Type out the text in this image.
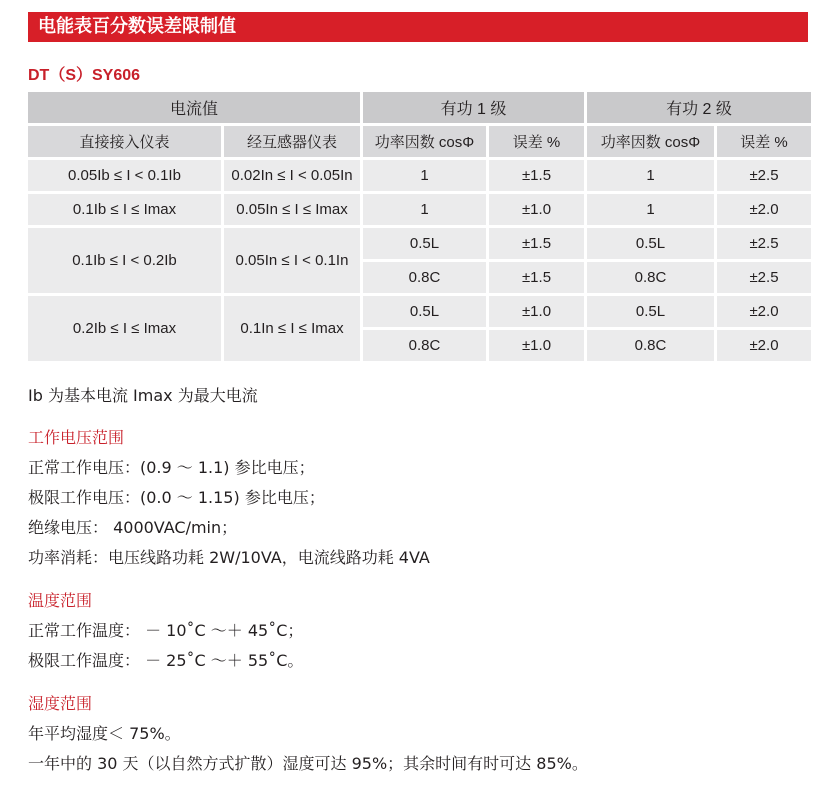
电能表百分数误差限制值
DT（S）SY606
电流值		有功 1 级		有功 2 级	
直接接入仪表	经互感器仪表	功率因数 cosΦ	误差 %	功率因数 cosΦ	误差 %
0.05Ib ≤ I < 0.1Ib	0.02In ≤ I < 0.05In	1	±1.5	1	±2.5
0.1Ib ≤ I ≤ Imax	0.05In ≤ I ≤ Imax	1	±1.0	1	±2.0
0.1Ib ≤ I < 0.2Ib	0.05In ≤ I < 0.1In	0.5L	±1.5	0.5L	±2.5
		0.8C	±1.5	0.8C	±2.5
0.2Ib ≤ I ≤ Imax	0.1In ≤ I ≤ Imax	0.5L	±1.0	0.5L	±2.0
		0.8C	±1.0	0.8C	±2.0
Ib 为基本电流 Imax 为最大电流

工作电压范围

正常工作电压：(0.9 ～ 1.1) 参比电压；

极限工作电压：(0.0 ～ 1.15) 参比电压；

绝缘电压： 4000VAC/min；

功率消耗：电压线路功耗 2W/10VA，电流线路功耗 4VA

温度范围

正常工作温度： － 10˚C ～＋ 45˚C；

极限工作温度： － 25˚C ～＋ 55˚C。

湿度范围

年平均湿度＜ 75%。

一年中的 30 天（以自然方式扩散）湿度可达 95%；其余时间有时可达 85%。
